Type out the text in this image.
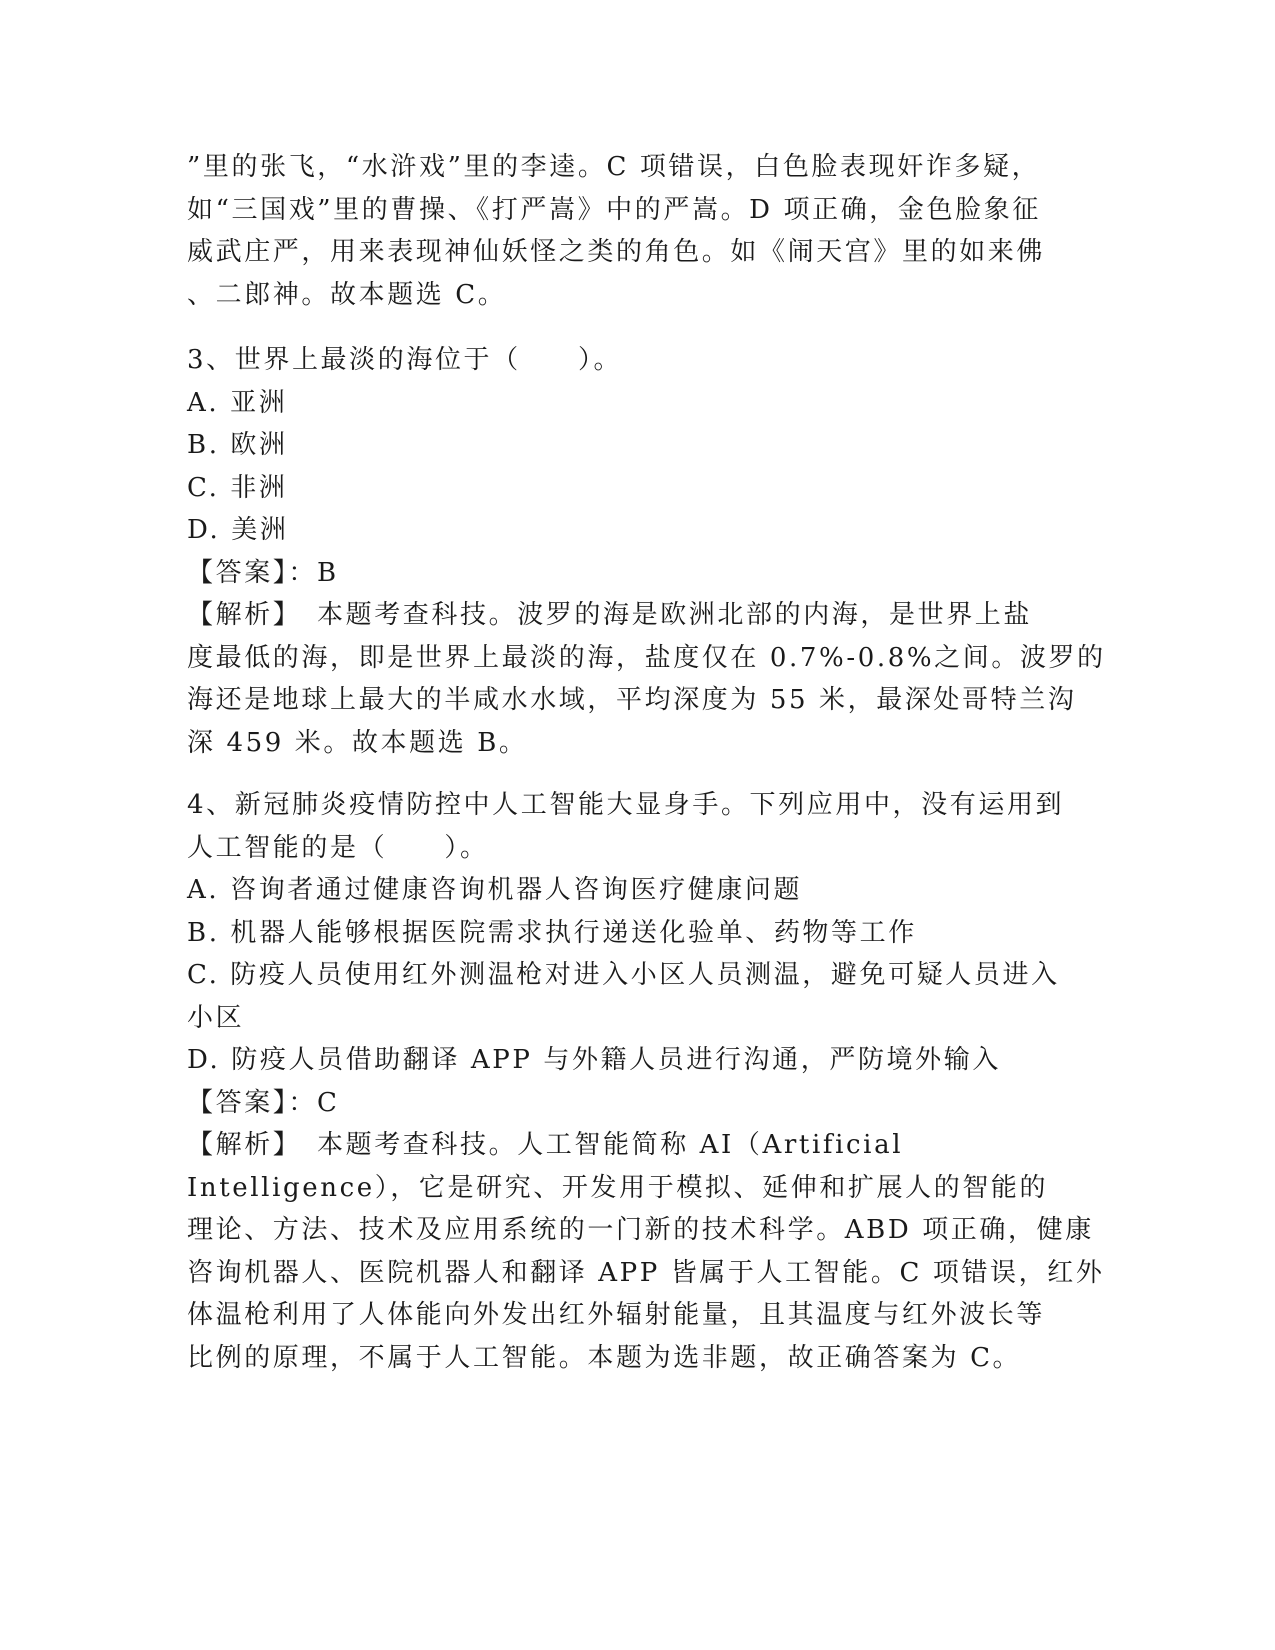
”里的张飞，“水浒戏”里的李逵。C 项错误，白色脸表现奸诈多疑，
如“三国戏”里的曹操、《打严嵩》中的严嵩。D 项正确，金色脸象征
威武庄严，用来表现神仙妖怪之类的角色。如《闹天宫》里的如来佛
、二郎神。故本题选 C。
3、世界上最淡的海位于（　　）。
A. 亚洲
B. 欧洲
C. 非洲
D. 美洲
【答案】：B
【解析】　本题考查科技。波罗的海是欧洲北部的内海，是世界上盐
度最低的海，即是世界上最淡的海，盐度仅在 0.7%-0.8%之间。波罗的
海还是地球上最大的半咸水水域，平均深度为 55 米，最深处哥特兰沟
深 459 米。故本题选 B。
4、新冠肺炎疫情防控中人工智能大显身手。下列应用中，没有运用到
人工智能的是（　　）。
A. 咨询者通过健康咨询机器人咨询医疗健康问题
B. 机器人能够根据医院需求执行递送化验单、药物等工作
C. 防疫人员使用红外测温枪对进入小区人员测温，避免可疑人员进入
小区
D. 防疫人员借助翻译 APP 与外籍人员进行沟通，严防境外输入
【答案】：C
【解析】　本题考查科技。人工智能简称 AI（Artificial
Intelligence），它是研究、开发用于模拟、延伸和扩展人的智能的
理论、方法、技术及应用系统的一门新的技术科学。ABD 项正确，健康
咨询机器人、医院机器人和翻译 APP 皆属于人工智能。C 项错误，红外
体温枪利用了人体能向外发出红外辐射能量，且其温度与红外波长等
比例的原理，不属于人工智能。本题为选非题，故正确答案为 C。
